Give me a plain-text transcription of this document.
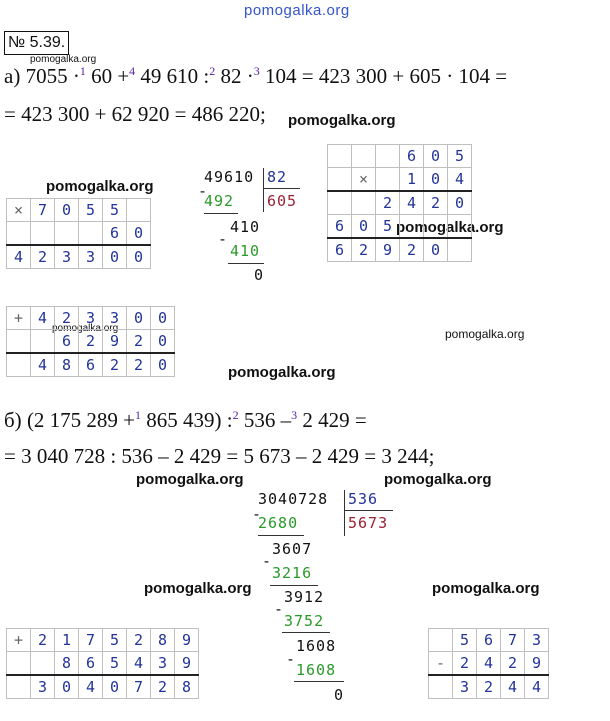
pomogalka.org
pomogalka.org
pomogalka.org
pomogalka.org
pomogalka.org
pomogalka.org	pomogalka.org
pomogalka.org
pomogalka.org	pomogalka.org
pomogalka.org	pomogalka.org
№ 5.39.
а) 7055 ·$^1$ 60 +$^4$ 49 610 :$^2$ 82 ·$^3$ 104 = 423 300 + 605 · 104 =
= 423 300 + 62 920 = 486 220;
×	7	0	5	5	
				6	0
4	2	3	3	0	0
-
49610 82
492 605
410
-
410
0
			6	0	5
	×		1	0	4
		2	4	2	0
6	0	5			
6	2	9	2	0	
+	4	2	3	3	0	0
		6	2	9	2	0
	4	8	6	2	2	0
б) (2 175 289 +$^1$ 865 439) :$^2$ 536 –$^3$ 2 429 =
= 3 040 728 : 536 – 2 429 = 5 673 – 2 429 = 3 244;
-
3040728 536
2680	5673
3607
-
3216
3912
-
3752
1608
-
1608
0
+	2	1	7	5	2	8	9
		8	6	5	4	3	9
	3	0	4	0	7	2	8
	5	6	7	3
-	2	4	2	9
	3	2	4	4
